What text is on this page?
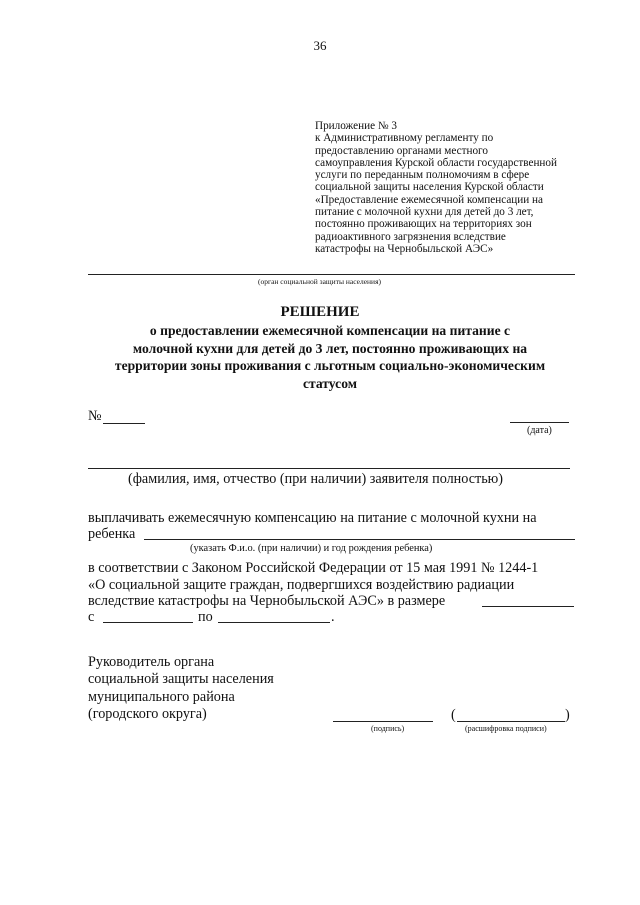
36
Приложение № 3
к Административному регламенту по
предоставлению органами местного
самоуправления Курской области государственной
услуги по переданным полномочиям в сфере
социальной защиты населения Курской области
«Предоставление ежемесячной компенсации на
питание с молочной кухни для детей до 3 лет,
постоянно проживающих на территориях зон
радиоактивного загрязнения вследствие
катастрофы на Чернобыльской АЭС»
(орган социальной защиты населения)
РЕШЕНИЕ
о предоставлении ежемесячной компенсации на питание с
молочной кухни для детей до 3 лет, постоянно проживающих на
территории зоны проживания с льготным социально-экономическим
статусом
№
(дата)
(фамилия, имя, отчество (при наличии) заявителя полностью)
выплачивать ежемесячную компенсацию на питание с молочной кухни на
ребенка
(указать Ф.и.о. (при наличии) и год рождения ребенка)
в соответствии с Законом Российской Федерации от 15 мая 1991 № 1244-1
«О социальной защите граждан, подвергшихся воздействию радиации
вследствие катастрофы на Чернобыльской АЭС» в размере
с	по	.
Руководитель органа
социальной защиты населения
муниципального района
(городского округа)
(подпись)
(	)
(расшифровка подписи)
